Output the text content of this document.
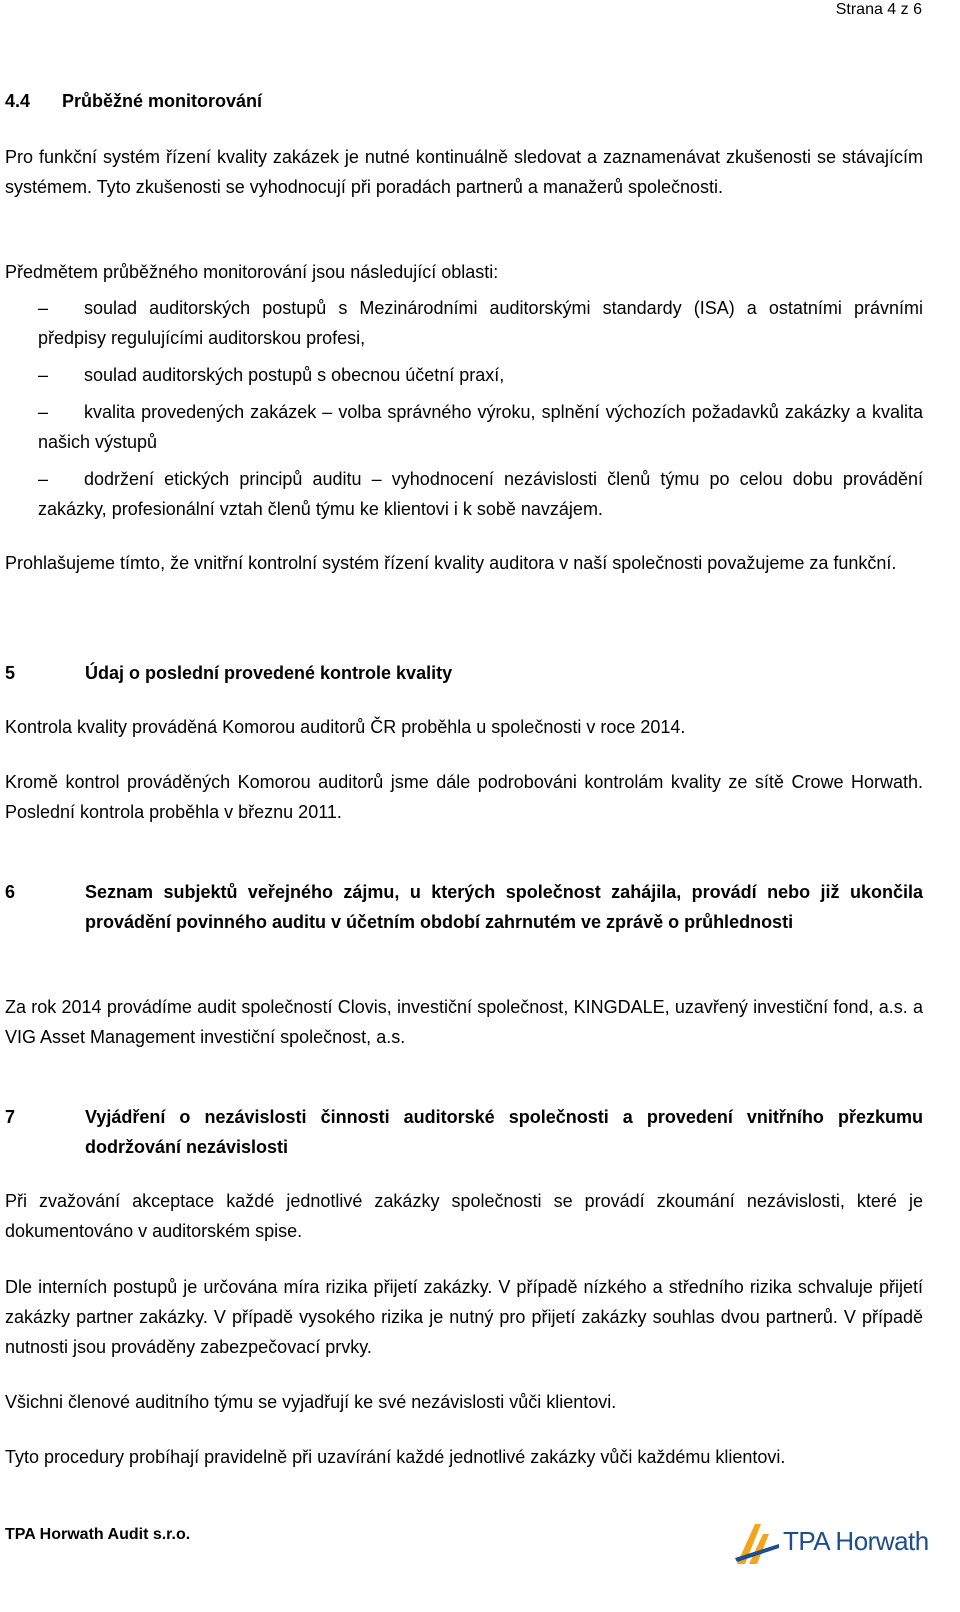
Strana 4 z 6
4.4 Průběžné monitorování

Pro funkční systém řízení kvality zakázek je nutné kontinuálně sledovat a zaznamenávat zkušenosti se stávajícím systémem. Tyto zkušenosti se vyhodnocují při poradách partnerů a manažerů společnosti.

Předmětem průběžného monitorování jsou následující oblasti:

–	soulad auditorských postupů s Mezinárodními auditorskými standardy (ISA) a ostatními právními předpisy regulujícími auditorskou profesi,
–	soulad auditorských postupů s obecnou účetní praxí,
–	kvalita provedených zakázek – volba správného výroku, splnění výchozích požadavků zakázky a kvalita našich výstupů
–	dodržení etických principů auditu – vyhodnocení nezávislosti členů týmu po celou dobu provádění zakázky, profesionální vztah členů týmu ke klientovi i k sobě navzájem.

Prohlašujeme tímto, že vnitřní kontrolní systém řízení kvality auditora v naší společnosti považujeme za funkční.

5	Údaj o poslední provedené kontrole kvality

Kontrola kvality prováděná Komorou auditorů ČR proběhla u společnosti v roce 2014.

Kromě kontrol prováděných Komorou auditorů jsme dále podrobováni kontrolám kvality ze sítě Crowe Horwath. Poslední kontrola proběhla v březnu 2011.

6	Seznam subjektů veřejného zájmu, u kterých společnost zahájila, provádí nebo již ukončila provádění povinného auditu v účetním období zahrnutém ve zprávě o průhlednosti

Za rok 2014 provádíme audit společností Clovis, investiční společnost, KINGDALE, uzavřený investiční fond, a.s. a VIG Asset Management investiční společnost, a.s.

7	Vyjádření o nezávislosti činnosti auditorské společnosti a provedení vnitřního přezkumu dodržování nezávislosti

Při zvažování akceptace každé jednotlivé zakázky společnosti se provádí zkoumání nezávislosti, které je dokumentováno v auditorském spise.

Dle interních postupů je určována míra rizika přijetí zakázky. V případě nízkého a středního rizika schvaluje přijetí zakázky partner zakázky. V případě vysokého rizika je nutný pro přijetí zakázky souhlas dvou partnerů. V případě nutnosti jsou prováděny zabezpečovací prvky.

Všichni členové auditního týmu se vyjadřují ke své nezávislosti vůči klientovi.

Tyto procedury probíhají pravidelně při uzavírání každé jednotlivé zakázky vůči každému klientovi.

TPA Horwath Audit s.r.o.	TPA Horwath
